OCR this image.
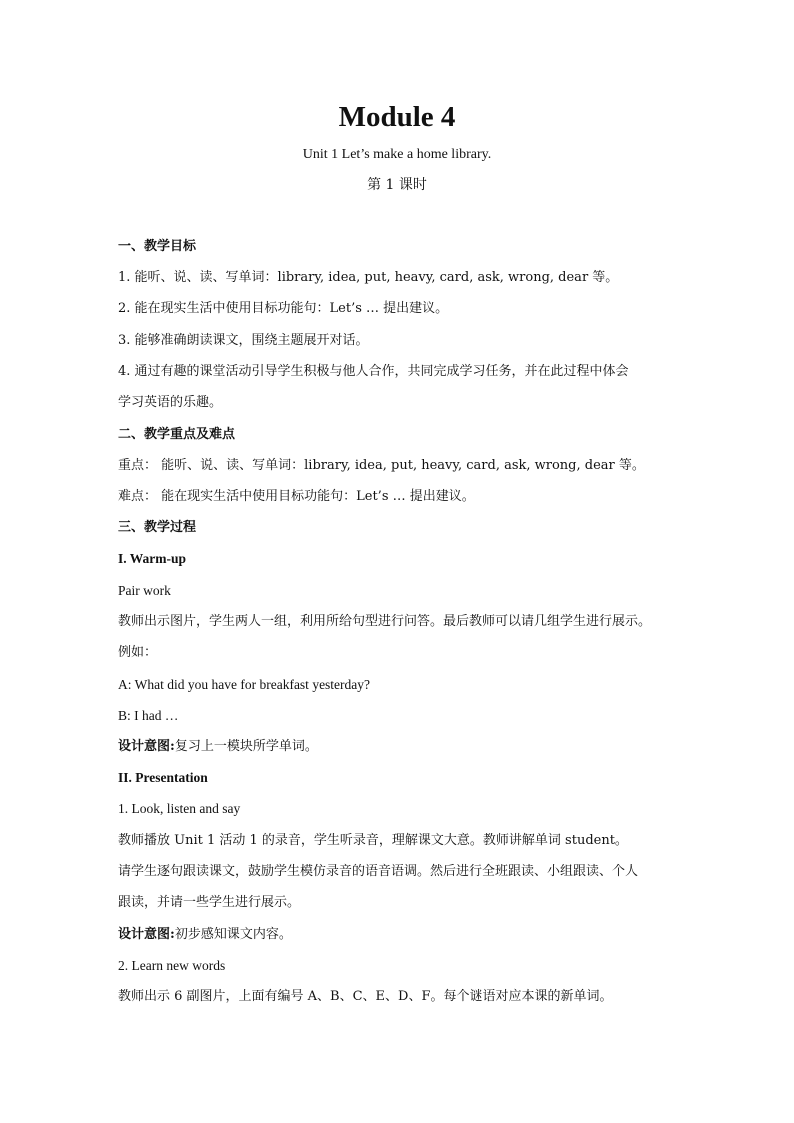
Module 4
Unit 1 Let’s make a home library.
第 1 课时
一、教学目标
1. 能听、说、读、写单词：library, idea, put, heavy, card, ask, wrong, dear 等。
2. 能在现实生活中使用目标功能句：Let’s … 提出建议。
3. 能够准确朗读课文，围绕主题展开对话。
4. 通过有趣的课堂活动引导学生积极与他人合作，共同完成学习任务，并在此过程中体会
学习英语的乐趣。
二、教学重点及难点
重点： 能听、说、读、写单词：library, idea, put, heavy, card, ask, wrong, dear 等。
难点： 能在现实生活中使用目标功能句：Let’s … 提出建议。
三、教学过程
I. Warm-up
Pair work
教师出示图片，学生两人一组，利用所给句型进行问答。最后教师可以请几组学生进行展示。
例如：
A: What did you have for breakfast yesterday?
B: I had …
设计意图:复习上一模块所学单词。
II. Presentation
1. Look, listen and say
教师播放 Unit 1 活动 1 的录音，学生听录音，理解课文大意。教师讲解单词 student。
请学生逐句跟读课文，鼓励学生模仿录音的语音语调。然后进行全班跟读、小组跟读、个人
跟读，并请一些学生进行展示。
设计意图:初步感知课文内容。
2. Learn new words
教师出示 6 副图片，上面有编号 A、B、C、E、D、F。每个谜语对应本课的新单词。
